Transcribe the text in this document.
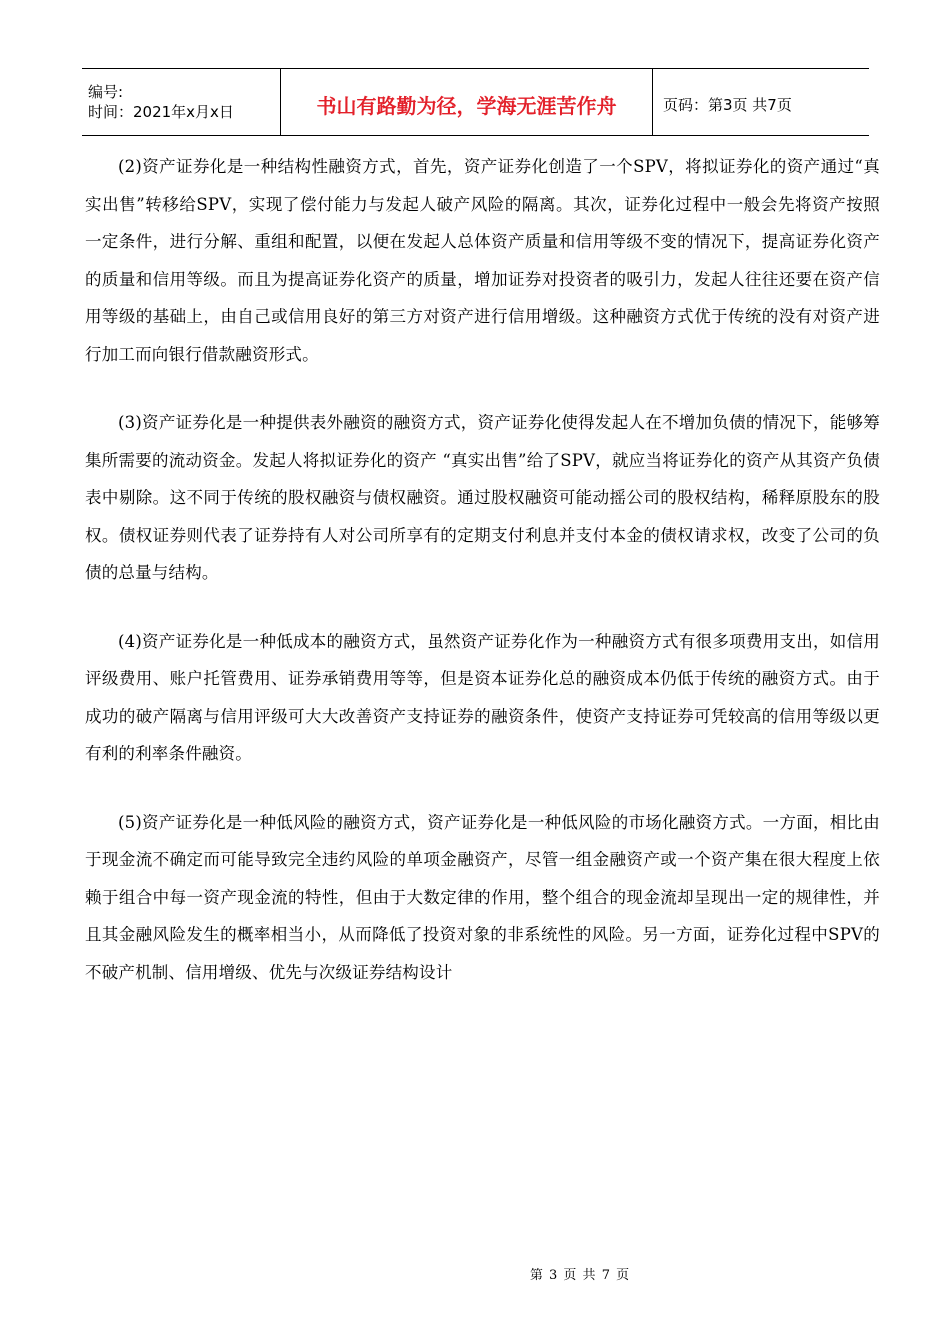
编号:
时间：2021年x月x日	书山有路勤为径，学海无涯苦作舟	页码：第3页 共7页

(2)资产证券化是一种结构性融资方式，首先，资产证券化创造了一个SPV，将拟证券化的资产通过“真实出售”转移给SPV，实现了偿付能力与发起人破产风险的隔离。其次，证券化过程中一般会先将资产按照一定条件，进行分解、重组和配置，以便在发起人总体资产质量和信用等级不变的情况下，提高证券化资产的质量和信用等级。而且为提高证券化资产的质量，增加证券对投资者的吸引力，发起人往往还要在资产信用等级的基础上，由自己或信用良好的第三方对资产进行信用增级。这种融资方式优于传统的没有对资产进行加工而向银行借款融资形式。

(3)资产证券化是一种提供表外融资的融资方式，资产证券化使得发起人在不增加负债的情况下，能够筹集所需要的流动资金。发起人将拟证券化的资产 “真实出售”给了SPV，就应当将证券化的资产从其资产负债表中剔除。这不同于传统的股权融资与债权融资。通过股权融资可能动摇公司的股权结构，稀释原股东的股权。债权证券则代表了证券持有人对公司所享有的定期支付利息并支付本金的债权请求权，改变了公司的负债的总量与结构。

(4)资产证券化是一种低成本的融资方式，虽然资产证券化作为一种融资方式有很多项费用支出，如信用评级费用、账户托管费用、证券承销费用等等，但是资本证券化总的融资成本仍低于传统的融资方式。由于成功的破产隔离与信用评级可大大改善资产支持证券的融资条件，使资产支持证券可凭较高的信用等级以更有利的利率条件融资。

(5)资产证券化是一种低风险的融资方式，资产证券化是一种低风险的市场化融资方式。一方面，相比由于现金流不确定而可能导致完全违约风险的单项金融资产，尽管一组金融资产或一个资产集在很大程度上依赖于组合中每一资产现金流的特性，但由于大数定律的作用，整个组合的现金流却呈现出一定的规律性，并且其金融风险发生的概率相当小，从而降低了投资对象的非系统性的风险。另一方面，证券化过程中SPV的不破产机制、信用增级、优先与次级证券结构设计

第 3 页 共 7 页
